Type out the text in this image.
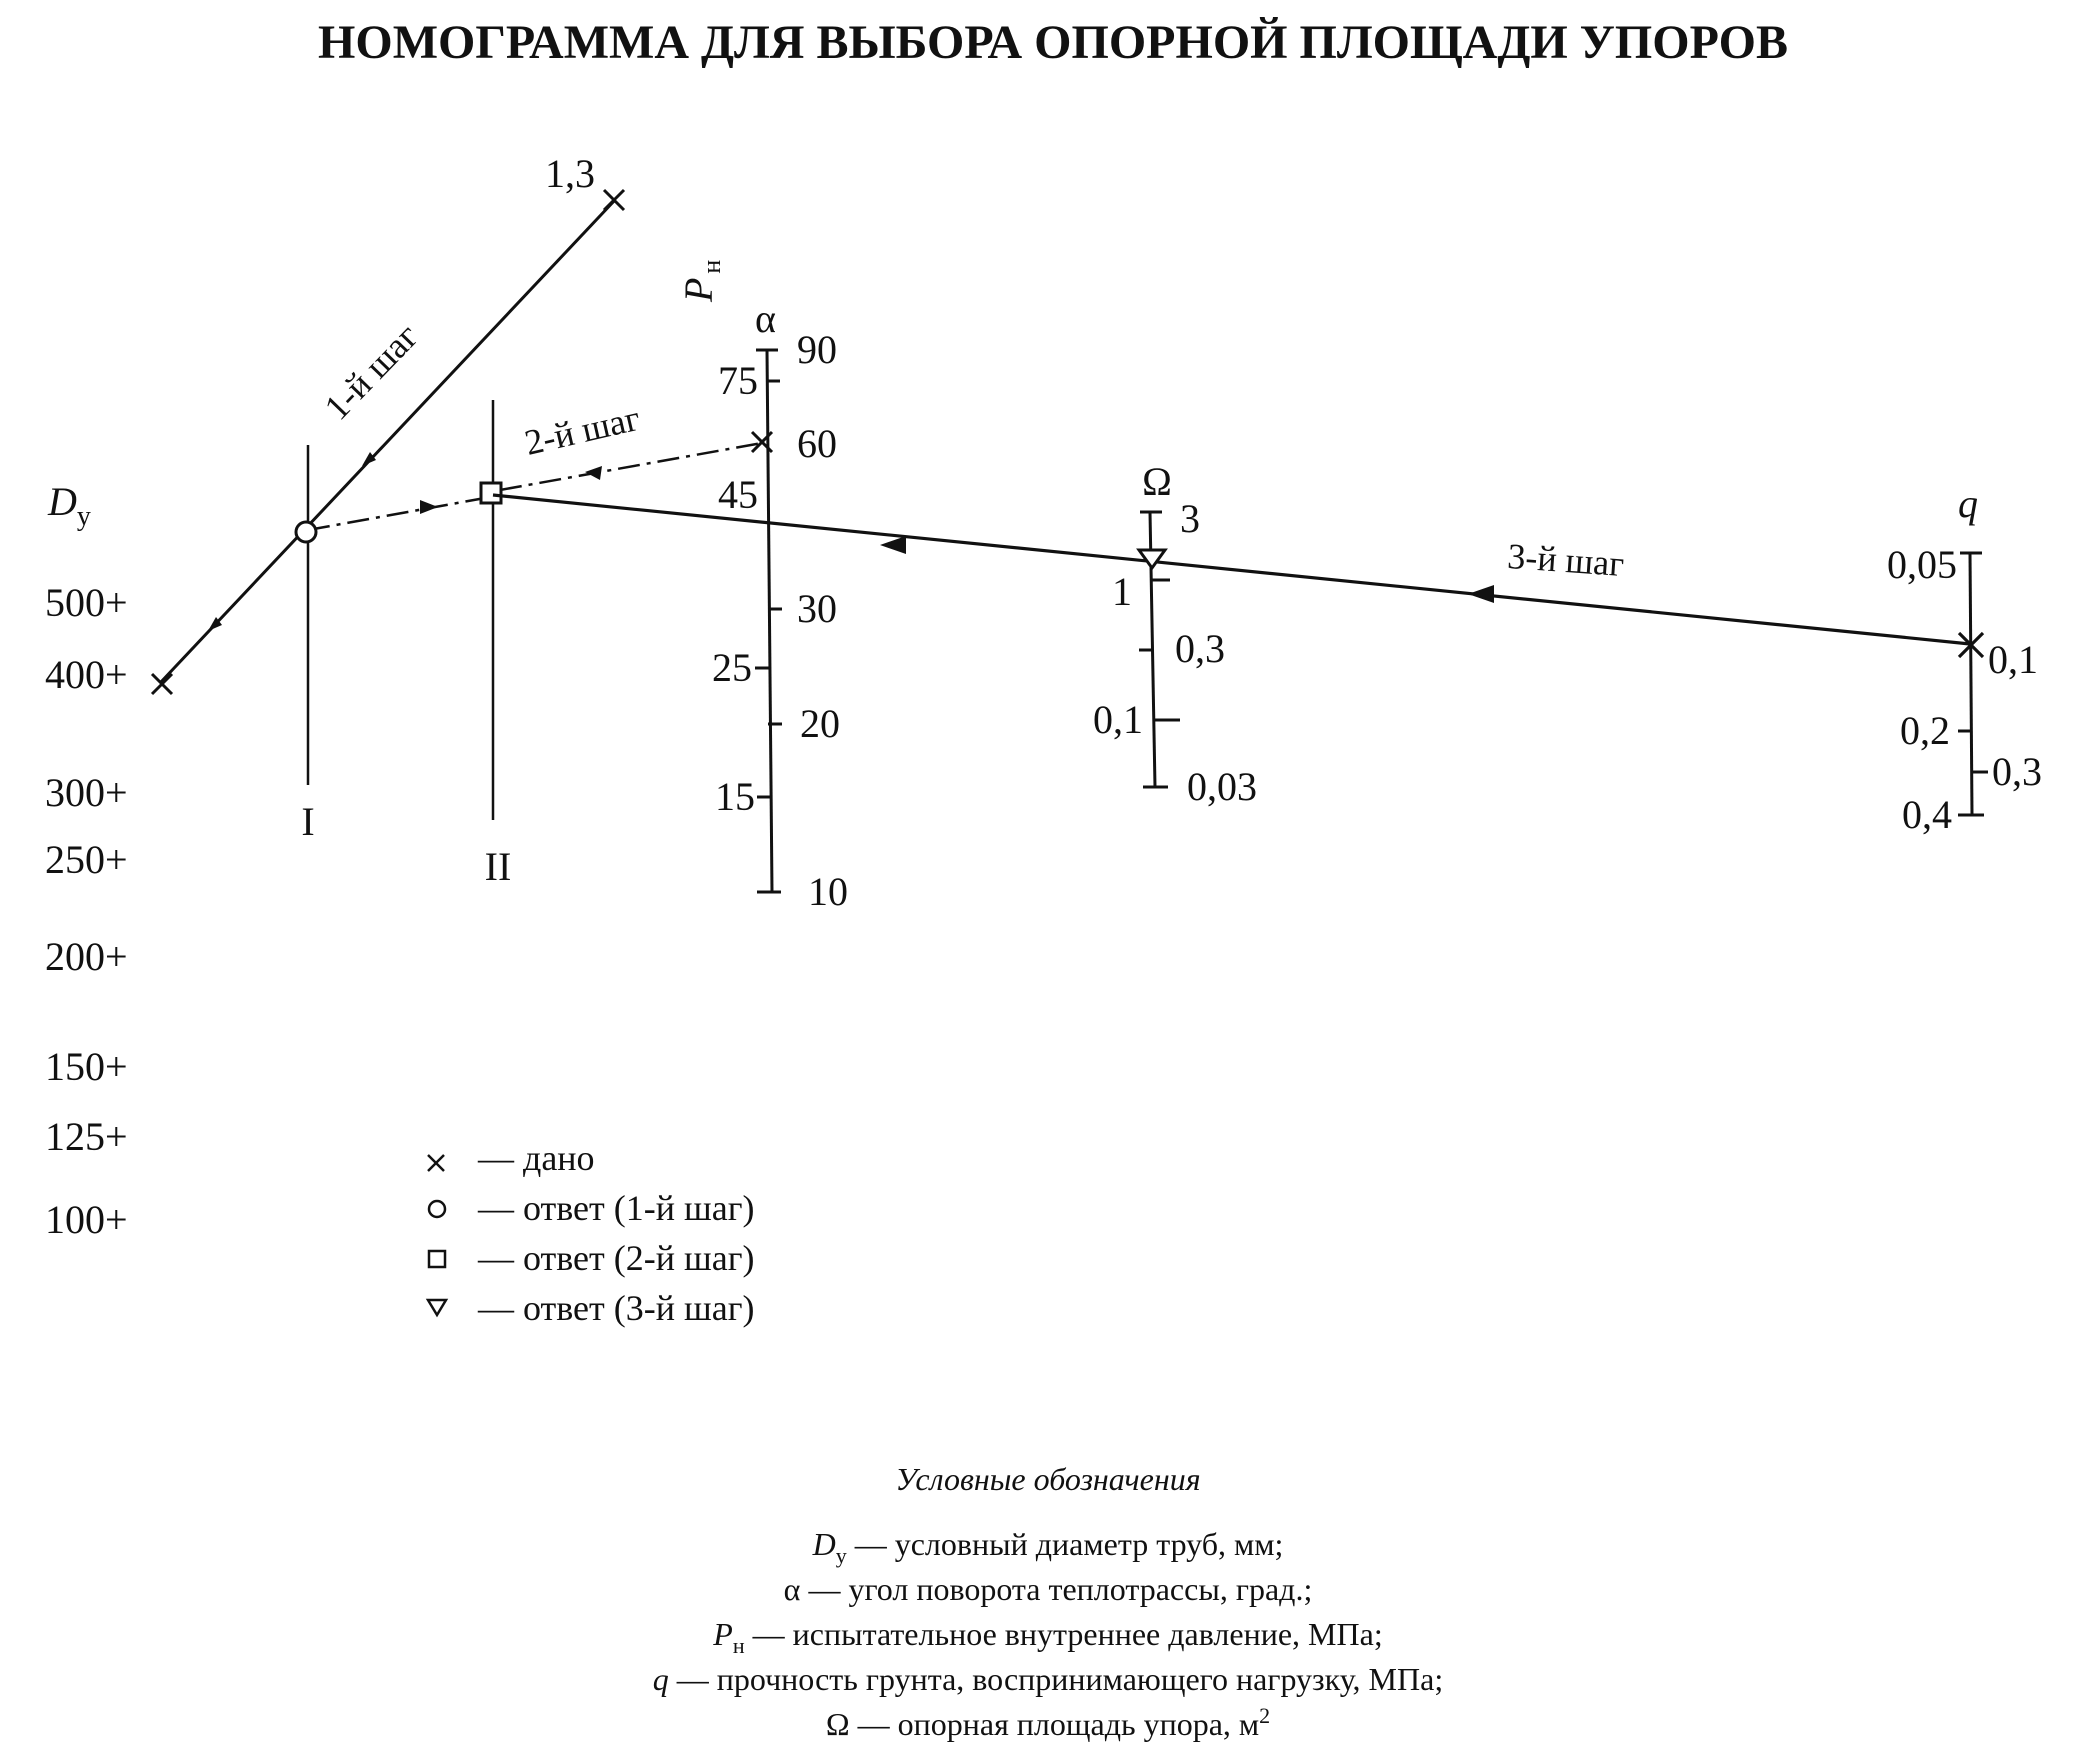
НОМОГРАММА ДЛЯ ВЫБОРА ОПОРНОЙ ПЛОЩАДИ УПОРОВ
$D_у$
500+
400+
300+
250+
200+
150+
125+
100+
1-й шаг
1,3
I
II
2-й шаг
3-й шаг
$P_н$
α
90
60
30
20
10
75
45
25
15
Ω
3
1
0,3
0,1
0,03
q
0,05
0,1
0,2
0,3
0,4
— дано
— ответ (1-й шаг)
— ответ (2-й шаг)
— ответ (3-й шаг)
Условные обозначения
$D_у$ — условный диаметр труб, мм;
α — угол поворота теплотрассы, град.;
$P_н$ — испытательное внутреннее давление, МПа;
q — прочность грунта, воспринимающего нагрузку, МПа;
Ω — опорная площадь упора, $м^2$
